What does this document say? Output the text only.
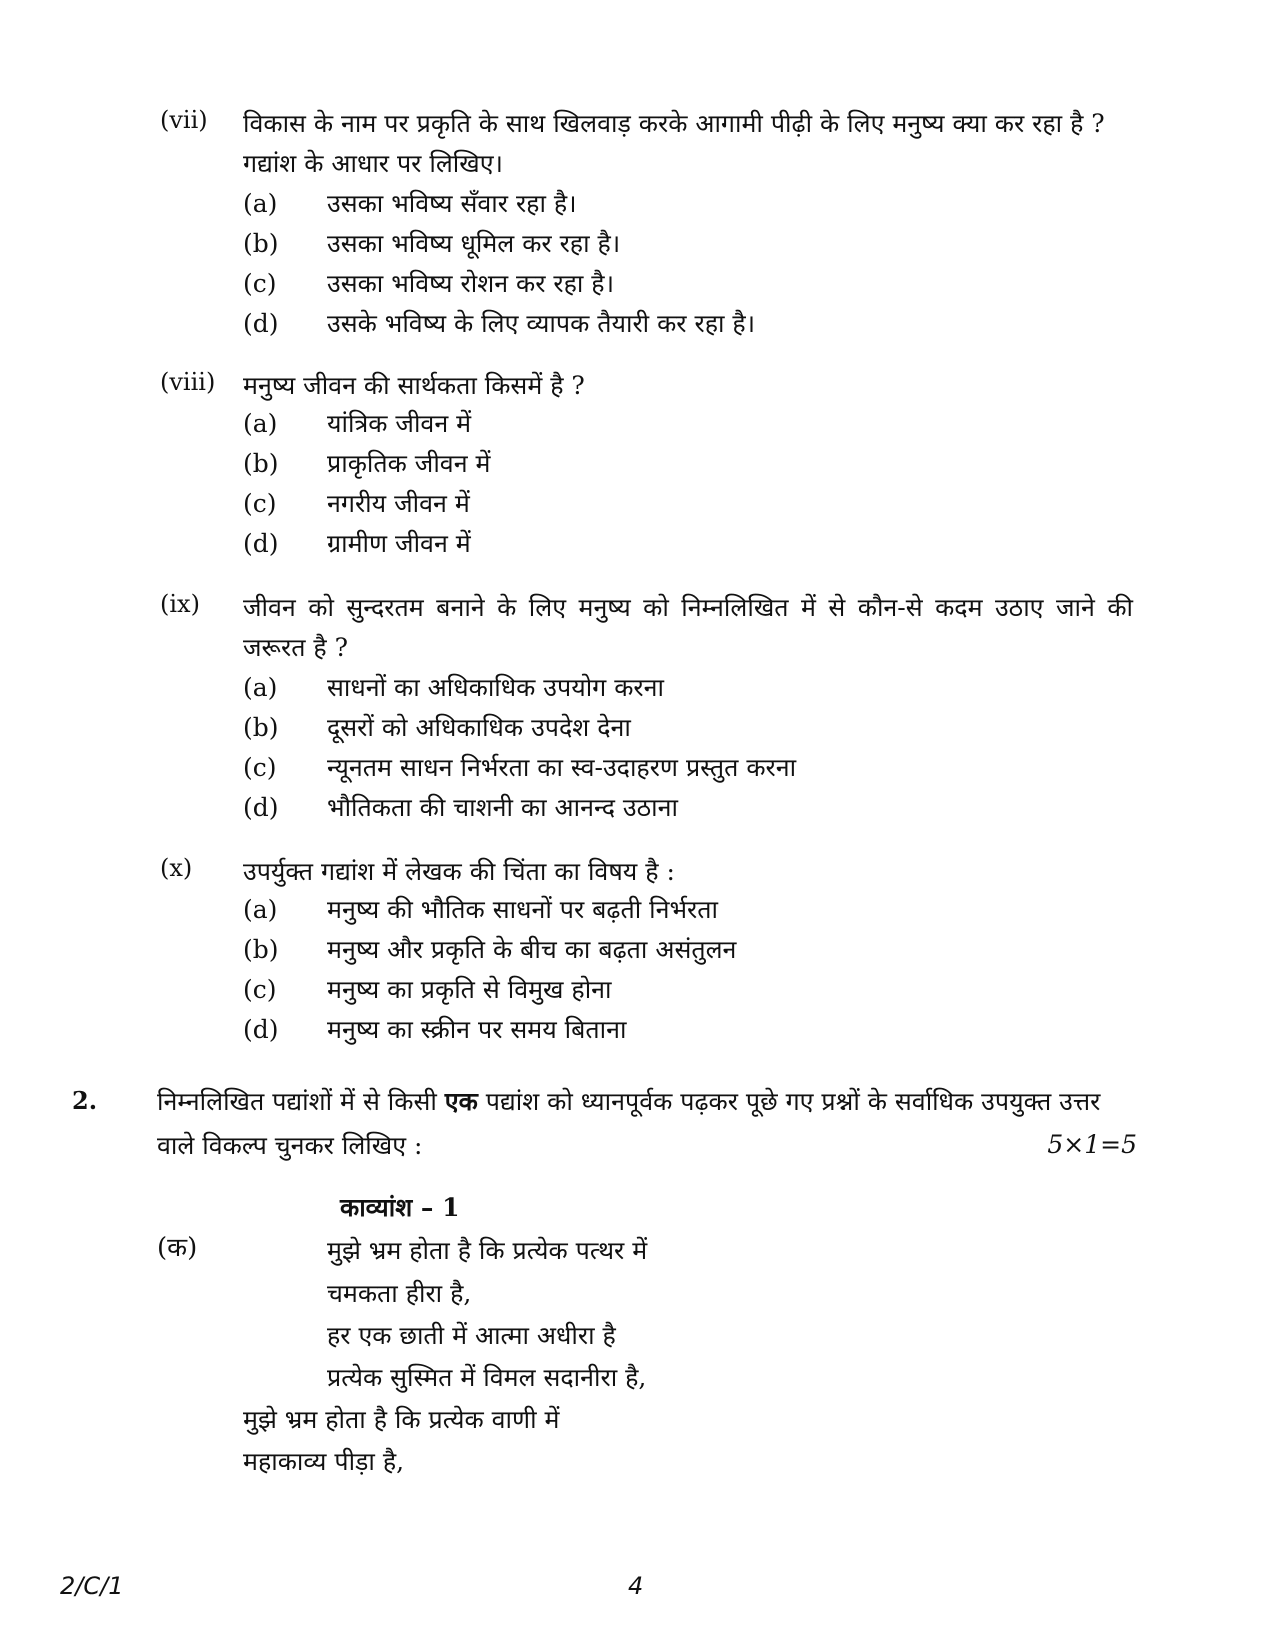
(vii) विकास के नाम पर प्रकृति के साथ खिलवाड़ करके आगामी पीढ़ी के लिए मनुष्य क्या कर रहा है ? गद्यांश के आधार पर लिखिए।
(a) उसका भविष्य सँवार रहा है।
(b) उसका भविष्य धूमिल कर रहा है।
(c) उसका भविष्य रोशन कर रहा है।
(d) उसके भविष्य के लिए व्यापक तैयारी कर रहा है।
(viii) मनुष्य जीवन की सार्थकता किसमें है ?
(a) यांत्रिक जीवन में
(b) प्राकृतिक जीवन में
(c) नगरीय जीवन में
(d) ग्रामीण जीवन में
(ix) जीवन को सुन्दरतम बनाने के लिए मनुष्य को निम्नलिखित में से कौन-से कदम उठाए जाने की जरूरत है ?
(a) साधनों का अधिकाधिक उपयोग करना
(b) दूसरों को अधिकाधिक उपदेश देना
(c) न्यूनतम साधन निर्भरता का स्व-उदाहरण प्रस्तुत करना
(d) भौतिकता की चाशनी का आनन्द उठाना
(x) उपर्युक्त गद्यांश में लेखक की चिंता का विषय है :
(a) मनुष्य की भौतिक साधनों पर बढ़ती निर्भरता
(b) मनुष्य और प्रकृति के बीच का बढ़ता असंतुलन
(c) मनुष्य का प्रकृति से विमुख होना
(d) मनुष्य का स्क्रीन पर समय बिताना
2. निम्नलिखित पद्यांशों में से किसी एक पद्यांश को ध्यानपूर्वक पढ़कर पूछे गए प्रश्नों के सर्वाधिक उपयुक्त उत्तर वाले विकल्प चुनकर लिखिए :	5×1=5
काव्यांश – 1
(क)	मुझे भ्रम होता है कि प्रत्येक पत्थर में
चमकता हीरा है,
हर एक छाती में आत्मा अधीरा है
प्रत्येक सुस्मित में विमल सदानीरा है,
मुझे भ्रम होता है कि प्रत्येक वाणी में
महाकाव्य पीड़ा है,
2/C/1	4
